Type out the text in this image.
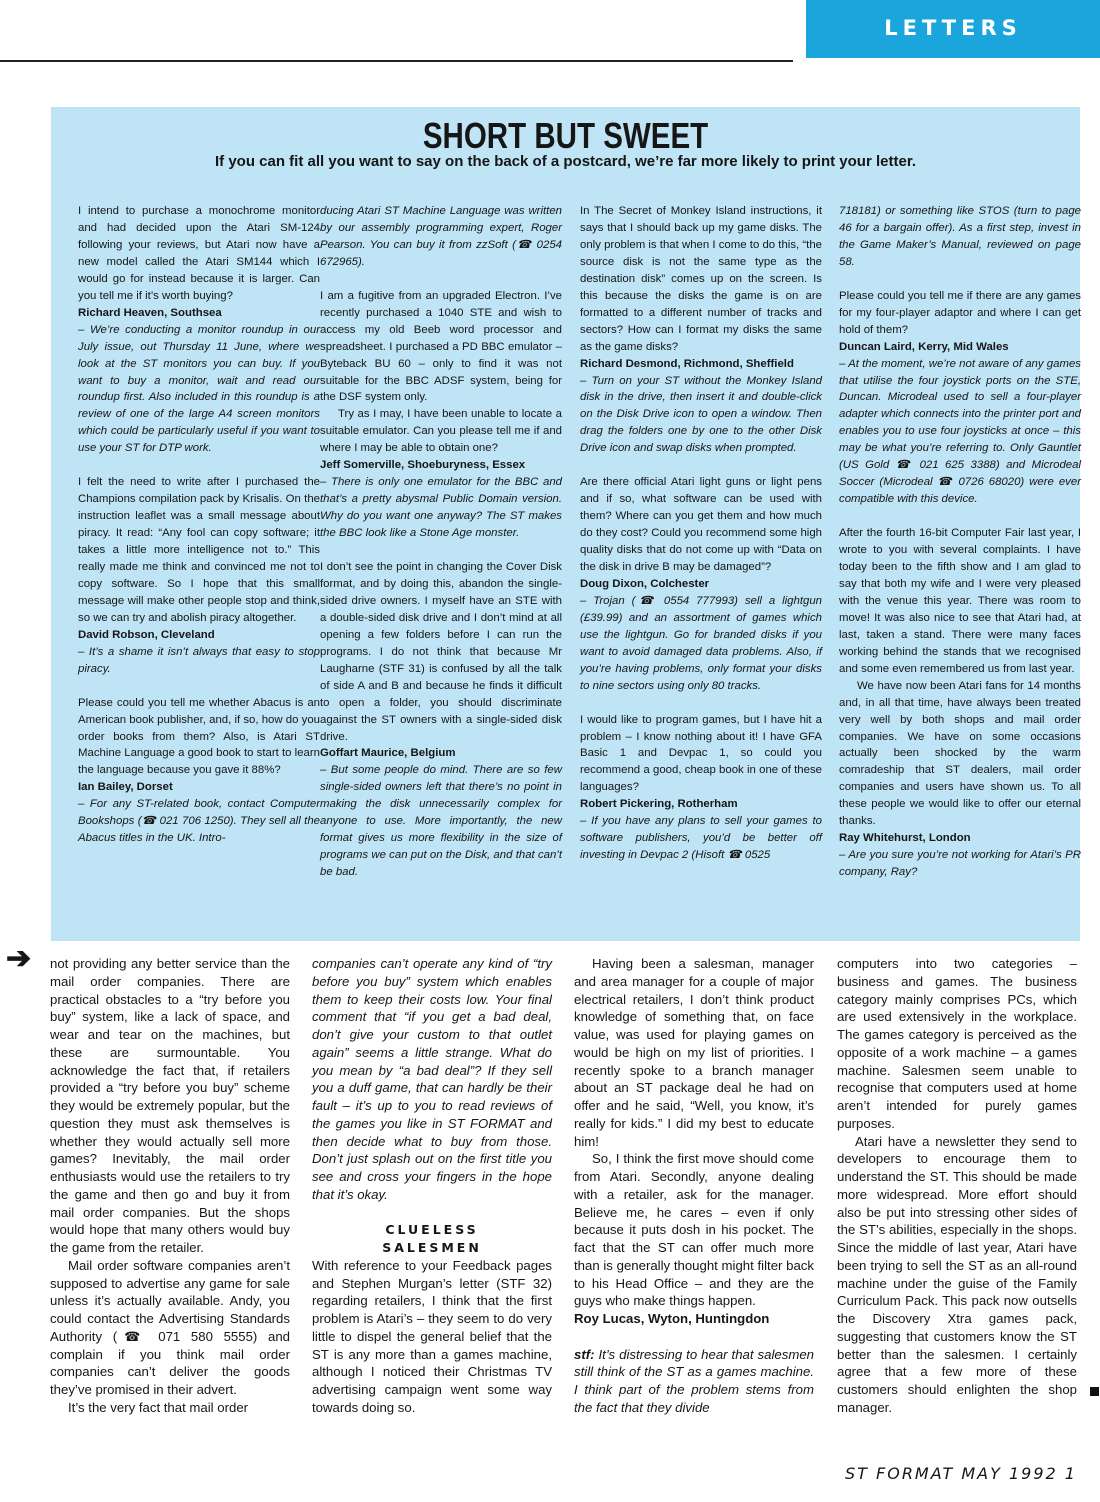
LETTERS
SHORT BUT SWEET

If you can fit all you want to say on the back of a postcard, we’re far more likely to print your letter.

I intend to purchase a monochrome monitor and had decided upon the Atari SM-124 following your reviews, but Atari now have a new model called the Atari SM144 which I would go for instead because it is larger. Can you tell me if it’s worth buying?

Richard Heaven, Southsea

– We’re conducting a monitor roundup in our July issue, out Thursday 11 June, where we look at the ST monitors you can buy. If you want to buy a monitor, wait and read our roundup first. Also included in this roundup is a review of one of the large A4 screen monitors which could be particularly useful if you want to use your ST for DTP work.

I felt the need to write after I purchased the Champions compilation pack by Krisalis. On the instruction leaflet was a small message about piracy. It read: “Any fool can copy software; it takes a little more intelligence not to.” This really made me think and convinced me not to copy software. So I hope that this small message will make other people stop and think, so we can try and abolish piracy altogether.

David Robson, Cleveland

– It’s a shame it isn’t always that easy to stop piracy.

Please could you tell me whether Abacus is an American book publisher, and, if so, how do you order books from them? Also, is Atari ST Machine Language a good book to start to learn the language because you gave it 88%?

Ian Bailey, Dorset

– For any ST-related book, contact Computer Bookshops (☎ 021 706 1250). They sell all the Abacus titles in the UK. Intro-

ducing Atari ST Machine Language was written by our assembly programming expert, Roger Pearson. You can buy it from zzSoft (☎ 0254 672965).

I am a fugitive from an upgraded Electron. I’ve recently purchased a 1040 STE and wish to access my old Beeb word processor and spreadsheet. I purchased a PD BBC emulator – Byteback BU 60 – only to find it was not suitable for the BBC ADSF system, being for the DSF system only.

Try as I may, I have been unable to locate a suitable emulator. Can you please tell me if and where I may be able to obtain one?

Jeff Somerville, Shoeburyness, Essex

– There is only one emulator for the BBC and that’s a pretty abysmal Public Domain version. Why do you want one anyway? The ST makes the BBC look like a Stone Age monster.

I don’t see the point in changing the Cover Disk format, and by doing this, abandon the single-sided drive owners. I myself have an STE with a double-sided disk drive and I don’t mind at all opening a few folders before I can run the programs. I do not think that because Mr Laugharne (STF 31) is confused by all the talk of side A and B and because he finds it difficult to open a folder, you should discriminate against the ST owners with a single-sided disk drive.

Goffart Maurice, Belgium

– But some people do mind. There are so few single-sided owners left that there’s no point in making the disk unnecessarily complex for anyone to use. More importantly, the new format gives us more flexibility in the size of programs we can put on the Disk, and that can’t be bad.

In The Secret of Monkey Island instructions, it says that I should back up my game disks. The only problem is that when I come to do this, “the source disk is not the same type as the destination disk” comes up on the screen. Is this because the disks the game is on are formatted to a different number of tracks and sectors? How can I format my disks the same as the game disks?

Richard Desmond, Richmond, Sheffield

– Turn on your ST without the Monkey Island disk in the drive, then insert it and double-click on the Disk Drive icon to open a window. Then drag the folders one by one to the other Disk Drive icon and swap disks when prompted.

Are there official Atari light guns or light pens and if so, what software can be used with them? Where can you get them and how much do they cost? Could you recommend some high quality disks that do not come up with “Data on the disk in drive B may be damaged”?

Doug Dixon, Colchester

– Trojan (☎ 0554 777993) sell a lightgun (£39.99) and an assortment of games which use the lightgun. Go for branded disks if you want to avoid damaged data problems. Also, if you’re having problems, only format your disks to nine sectors using only 80 tracks.

I would like to program games, but I have hit a problem – I know nothing about it! I have GFA Basic 1 and Devpac 1, so could you recommend a good, cheap book in one of these languages?

Robert Pickering, Rotherham

– If you have any plans to sell your games to software publishers, you’d be better off investing in Devpac 2 (Hisoft ☎ 0525

718181) or something like STOS (turn to page 46 for a bargain offer). As a first step, invest in the Game Maker’s Manual, reviewed on page 58.

Please could you tell me if there are any games for my four-player adaptor and where I can get hold of them?

Duncan Laird, Kerry, Mid Wales

– At the moment, we’re not aware of any games that utilise the four joystick ports on the STE, Duncan. Microdeal used to sell a four-player adapter which connects into the printer port and enables you to use four joysticks at once – this may be what you’re referring to. Only Gauntlet (US Gold ☎ 021 625 3388) and Microdeal Soccer (Microdeal ☎ 0726 68020) were ever compatible with this device.

After the fourth 16-bit Computer Fair last year, I wrote to you with several complaints. I have today been to the fifth show and I am glad to say that both my wife and I were very pleased with the venue this year. There was room to move! It was also nice to see that Atari had, at last, taken a stand. There were many faces working behind the stands that we recognised and some even remembered us from last year.

We have now been Atari fans for 14 months and, in all that time, have always been treated very well by both shops and mail order companies. We have on some occasions actually been shocked by the warm comradeship that ST dealers, mail order companies and users have shown us. To all these people we would like to offer our eternal thanks.

Ray Whitehurst, London

– Are you sure you’re not working for Atari’s PR company, Ray?

➔ not providing any better service than the mail order companies. There are practical obstacles to a “try before you buy” system, like a lack of space, and wear and tear on the machines, but these are surmountable. You acknowledge the fact that, if retailers provided a “try before you buy” scheme they would be extremely popular, but the question they must ask themselves is whether they would actually sell more games? Inevitably, the mail order enthusiasts would use the retailers to try the game and then go and buy it from mail order companies. But the shops would hope that many others would buy the game from the retailer.

Mail order software companies aren’t supposed to advertise any game for sale unless it’s actually available. Andy, you could contact the Advertising Standards Authority (☎ 071 580 5555) and complain if you think mail order companies can’t deliver the goods they’ve promised in their advert.

It’s the very fact that mail order

companies can’t operate any kind of “try before you buy” system which enables them to keep their costs low. Your final comment that “if you get a bad deal, don’t give your custom to that outlet again” seems a little strange. What do you mean by “a bad deal”? If they sell you a duff game, that can hardly be their fault – it’s up to you to read reviews of the games you like in ST FORMAT and then decide what to buy from those. Don’t just splash out on the first title you see and cross your fingers in the hope that it’s okay.

CLUELESS
SALESMEN

With reference to your Feedback pages and Stephen Murgan’s letter (STF 32) regarding retailers, I think that the first problem is Atari’s – they seem to do very little to dispel the general belief that the ST is any more than a games machine, although I noticed their Christmas TV advertising campaign went some way towards doing so.

Having been a salesman, manager and area manager for a couple of major electrical retailers, I don’t think product knowledge of something that, on face value, was used for playing games on would be high on my list of priorities. I recently spoke to a branch manager about an ST package deal he had on offer and he said, “Well, you know, it’s really for kids.” I did my best to educate him!

So, I think the first move should come from Atari. Secondly, anyone dealing with a retailer, ask for the manager. Believe me, he cares – even if only because it puts dosh in his pocket. The fact that the ST can offer much more than is generally thought might filter back to his Head Office – and they are the guys who make things happen.

Roy Lucas, Wyton, Huntingdon

stf: It’s distressing to hear that salesmen still think of the ST as a games machine. I think part of the problem stems from the fact that they divide

computers into two categories – business and games. The business category mainly comprises PCs, which are used extensively in the workplace. The games category is perceived as the opposite of a work machine – a games machine. Salesmen seem unable to recognise that computers used at home aren’t intended for purely games purposes.

Atari have a newsletter they send to developers to encourage them to understand the ST. This should be made more widespread. More effort should also be put into stressing other sides of the ST’s abilities, especially in the shops. Since the middle of last year, Atari have been trying to sell the ST as an all-round machine under the guise of the Family Curriculum Pack. This pack now outsells the Discovery Xtra games pack, suggesting that customers know the ST better than the salesmen. I certainly agree that a few more of these customers should enlighten the shop manager.

ST FORMAT MAY 1992 1
